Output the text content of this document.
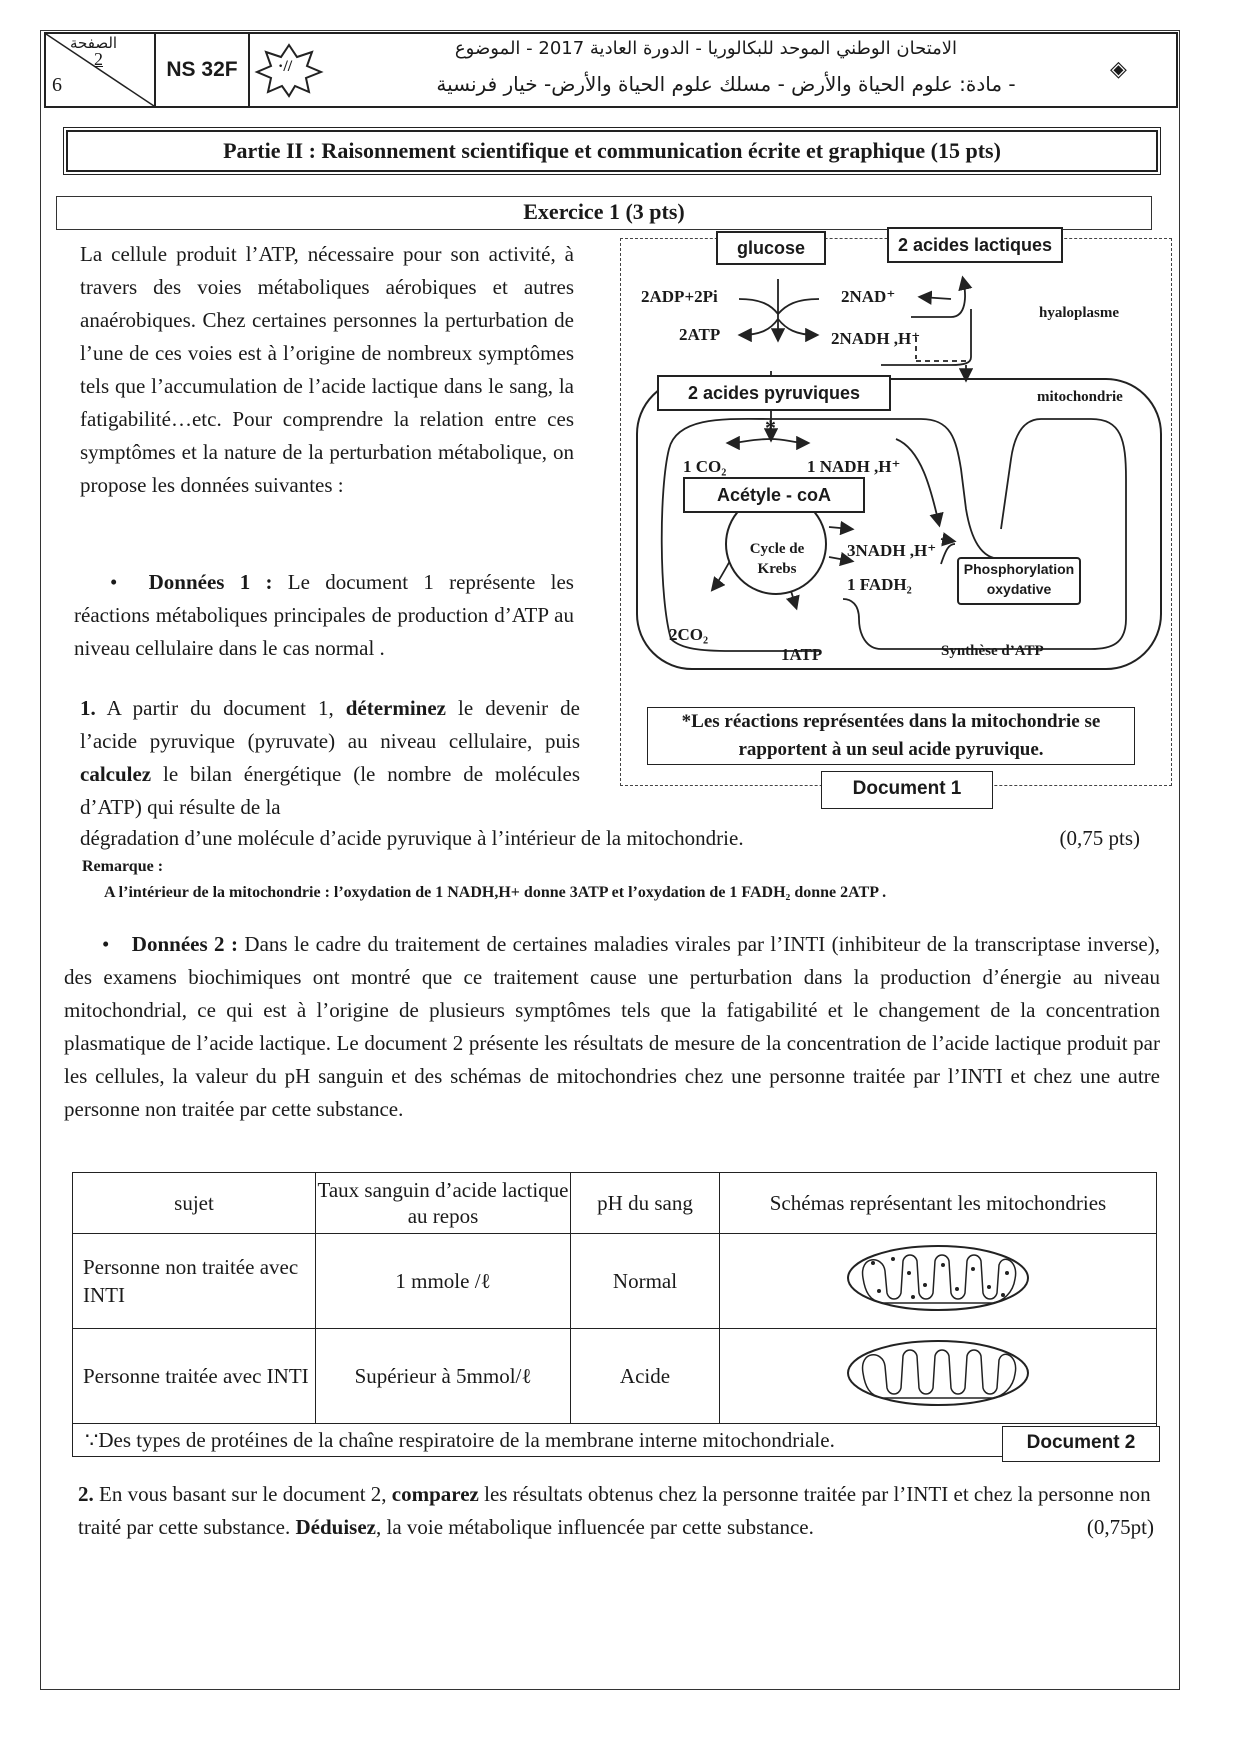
الصفحة
2
6
NS 32F	·//
الامتحان الوطني الموحد للبكالوريا - الدورة العادية 2017 - الموضوع
- مادة: علوم الحياة والأرض - مسلك علوم الحياة والأرض- خيار فرنسية
◈
Partie II : Raisonnement scientifique et communication écrite et graphique (15 pts)
Exercice 1 (3 pts)
La cellule produit l’ATP, nécessaire pour son activité, à travers des voies métaboliques aérobiques et autres anaérobiques. Chez certaines personnes la perturbation de l’une de ces voies est à l’origine de nombreux symptômes tels que l’accumulation de l’acide lactique dans le sang, la fatigabilité…etc. Pour comprendre la relation entre ces symptômes et la nature de la perturbation métabolique, on propose les données suivantes :
• Données 1 : Le document 1 représente les réactions métaboliques principales de production d’ATP au niveau cellulaire dans le cas normal .
1. A partir du document 1, déterminez le devenir de l’acide pyruvique (pyruvate) au niveau cellulaire, puis calculez le bilan énergétique (le nombre de molécules d’ATP) qui résulte de la
dégradation d’une molécule d’acide pyruvique à l’intérieur de la mitochondrie.	(0,75 pts)
Remarque :
A l’intérieur de la mitochondrie : l’oxydation de 1 NADH,H+ donne 3ATP et l’oxydation de 1 FADH₂ donne 2ATP .
glucose	2 acides lactiques
2ADP+2Pi	2NAD⁺
hyaloplasme
2ATP	2NADH ,H⁺
2 acides pyruviques	mitochondrie
*
1 CO₂	1 NADH ,H⁺
Acétyle - coA
Cycle de Krebs
3NADH ,H⁺
1 FADH₂
Phosphorylation oxydative
2CO₂
1ATP	Synthèse d’ATP
*Les réactions représentées dans la mitochondrie se rapportent à un seul acide pyruvique.
Document 1
• Données 2 : Dans le cadre du traitement de certaines maladies virales par l’INTI (inhibiteur de la transcriptase inverse), des examens biochimiques ont montré que ce traitement cause une perturbation dans la production d’énergie au niveau mitochondrial, ce qui est à l’origine de plusieurs symptômes tels que la fatigabilité et le changement de la concentration plasmatique de l’acide lactique. Le document 2 présente les résultats de mesure de la concentration de l’acide lactique produit par les cellules, la valeur du pH sanguin et des schémas de mitochondries chez une personne traitée par l’INTI et chez une autre personne non traitée par cette substance.
sujet	Taux sanguin d’acide lactique au repos	pH du sang	Schémas représentant les mitochondries
Personne non traitée avec INTI	1 mmole /ℓ	Normal	
Personne traitée avec INTI	Supérieur à 5mmol/ℓ	Acide	
∵Des types de protéines de la chaîne respiratoire de la membrane interne mitochondriale.				Document 2
2. En vous basant sur le document 2, comparez les résultats obtenus chez la personne traitée par l’INTI et chez la personne non traité par cette substance. Déduisez, la voie métabolique influencée par cette substance.	(0,75pt)
